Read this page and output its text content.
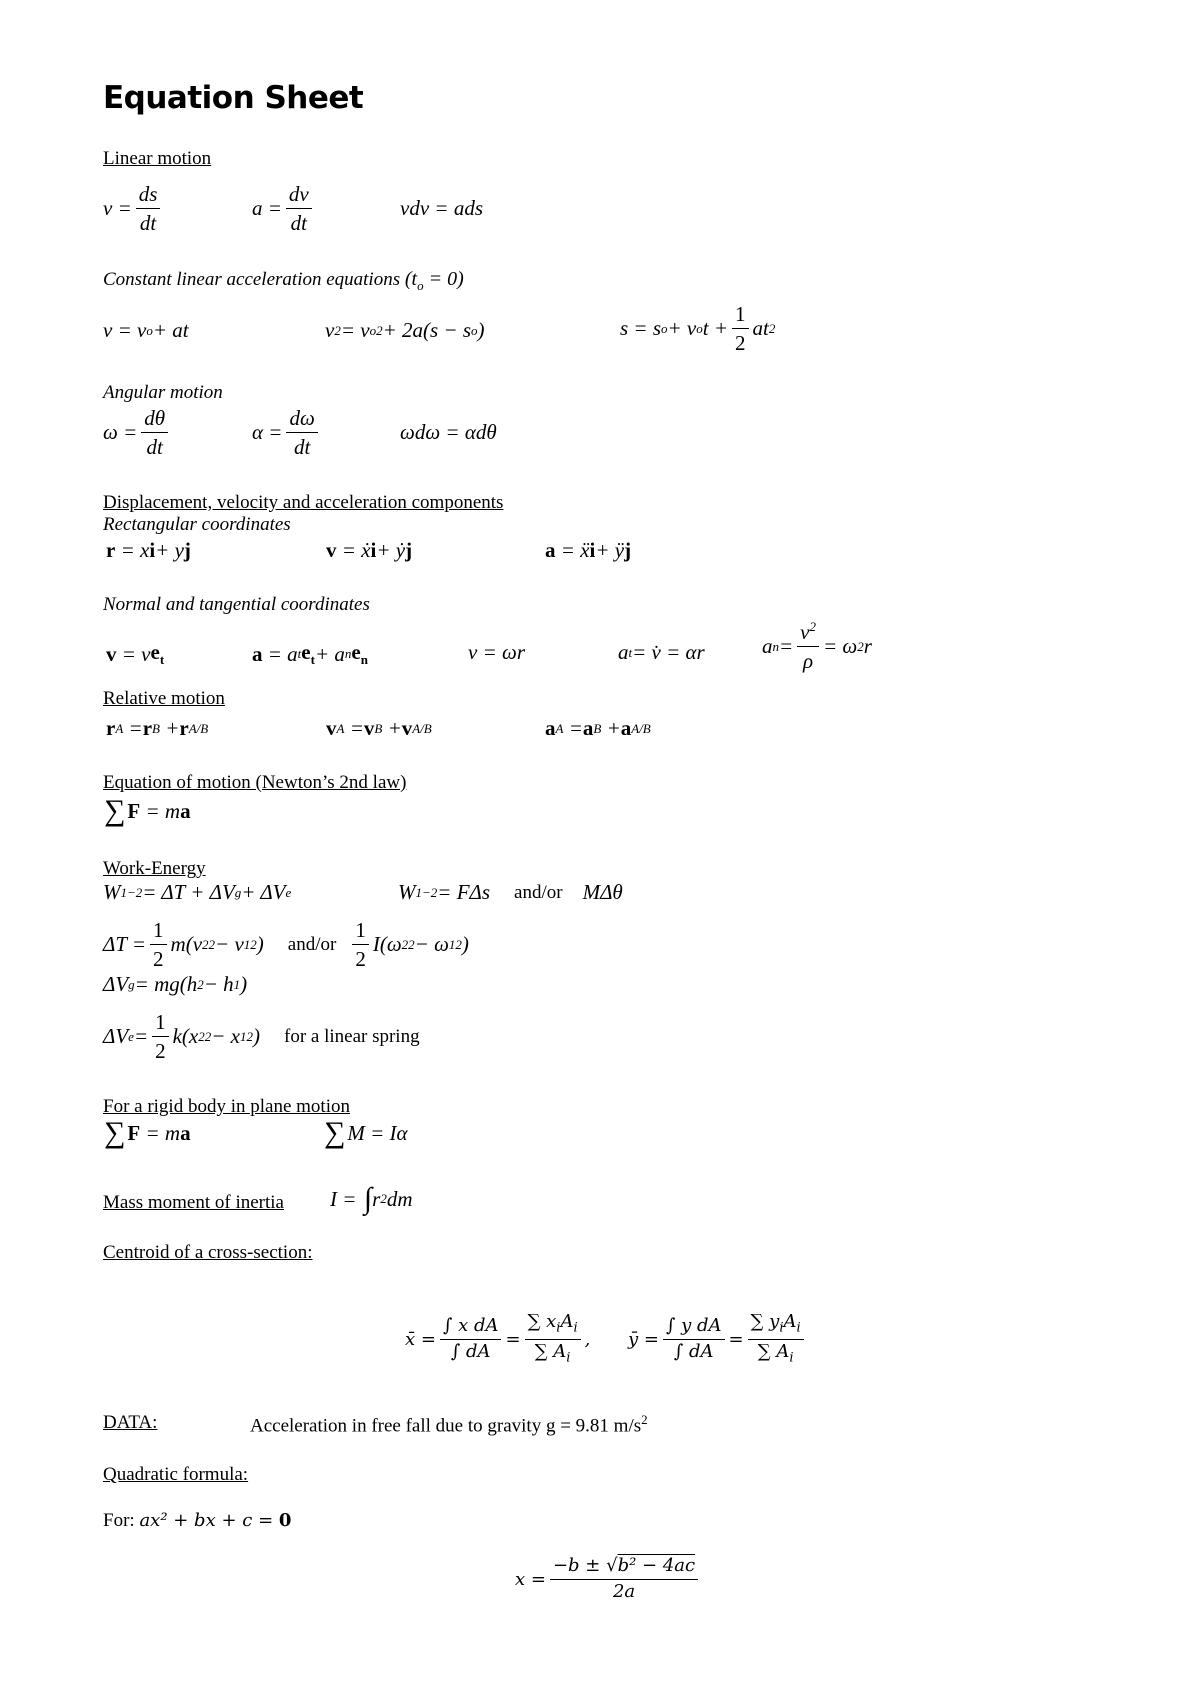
Equation Sheet
Linear motion
$v = \frac{ds}{dt}$	$a = \frac{dv}{dt}$	vdv = ads
Constant linear acceleration equations $(t_o = 0)$
v = v o + at	v 2 = v o 2 + 2a(s − s o )	s = s o + v o $t + \frac{1}{2}$ at 2
Angular motion
$\omega = \frac{d\theta}{dt}$	$\alpha = \frac{d\omega}{dt}$	ωdω = αdθ
Displacement, velocity and acceleration components
Rectangular coordinates
r = x i + y j	v = ẋ i + ẏ j	a = ẍ i + ÿ j
Normal and tangential coordinates
v = v $e_t$	a = a t $e_t + a$ n $e_n$	v = ωr	a t = v̇ = αr	a $n = \frac{v^2}{\rho} = \omega$ 2 r
Relative motion
r A = r B + r A/B	v A = v B + v A/B	a A = a B + a A/B
Equation of motion (Newton’s 2nd law)
∑ F = m a
Work-Energy
W 1−2 = ΔT + ΔV g + ΔV e	W 1−2 = FΔs and/or MΔθ
$\Delta T = \frac{1}{2} m(v$ 2 2 − v 1 2 ) $and/or \frac{1}{2} I(\omega$ 2 2 − ω 1 2 )
ΔV g = mg(h 2 − h 1 )
ΔV $e = \frac{1}{2} k(x$ 2 2 − x 1 2 ) for a linear spring
For a rigid body in plane motion
∑ F = m a	∑ M = Iα
Mass moment of inertia I = ∫ r 2 dm
Centroid of a cross-section:
x̄ = $\frac{\text{∫ x dA}}{\int dA} = \frac{\sum x_iA_i}{\sum A_i}$ , ȳ = $\frac{\text{∫ y dA}}{\int dA} = \frac{\sum y_iA_i}{\sum A_i}$
DATA:	Acceleration in free fall due to gravity g = 9.81 $m/s^2$
Quadratic formula:
For: ax² + bx + c = 0
$x = \frac{\text{−b ± √b² − 4ac}}{2a}$
